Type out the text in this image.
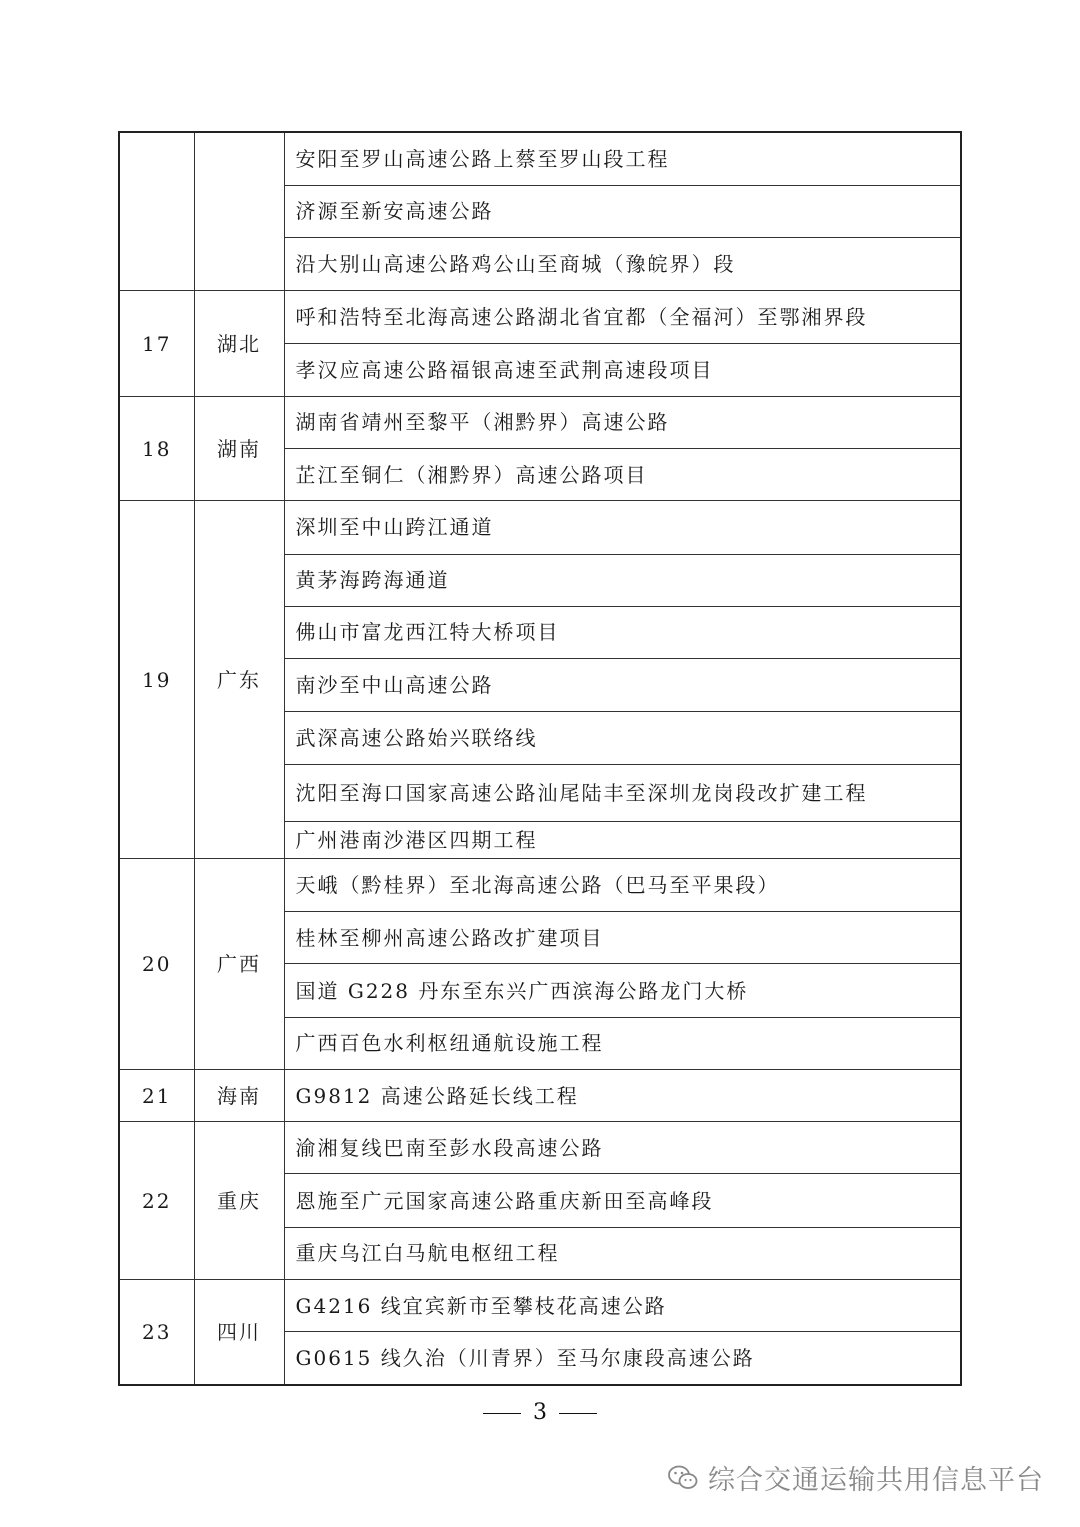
		安阳至罗山高速公路上蔡至罗山段工程
		济源至新安高速公路
		沿大别山高速公路鸡公山至商城（豫皖界）段
17	湖北	呼和浩特至北海高速公路湖北省宜都（全福河）至鄂湘界段
		孝汉应高速公路福银高速至武荆高速段项目
18	湖南	湖南省靖州至黎平（湘黔界）高速公路
		芷江至铜仁（湘黔界）高速公路项目
19	广东	深圳至中山跨江通道
		黄茅海跨海通道
		佛山市富龙西江特大桥项目
		南沙至中山高速公路
		武深高速公路始兴联络线
		沈阳至海口国家高速公路汕尾陆丰至深圳龙岗段改扩建工程
		广州港南沙港区四期工程
20	广西	天峨（黔桂界）至北海高速公路（巴马至平果段）
		桂林至柳州高速公路改扩建项目
		国道 G228 丹东至东兴广西滨海公路龙门大桥
		广西百色水利枢纽通航设施工程
21	海南	G9812 高速公路延长线工程
22	重庆	渝湘复线巴南至彭水段高速公路
		恩施至广元国家高速公路重庆新田至高峰段
		重庆乌江白马航电枢纽工程
23	四川	G4216 线宜宾新市至攀枝花高速公路
		G0615 线久治（川青界）至马尔康段高速公路
3
综合交通运输共用信息平台
